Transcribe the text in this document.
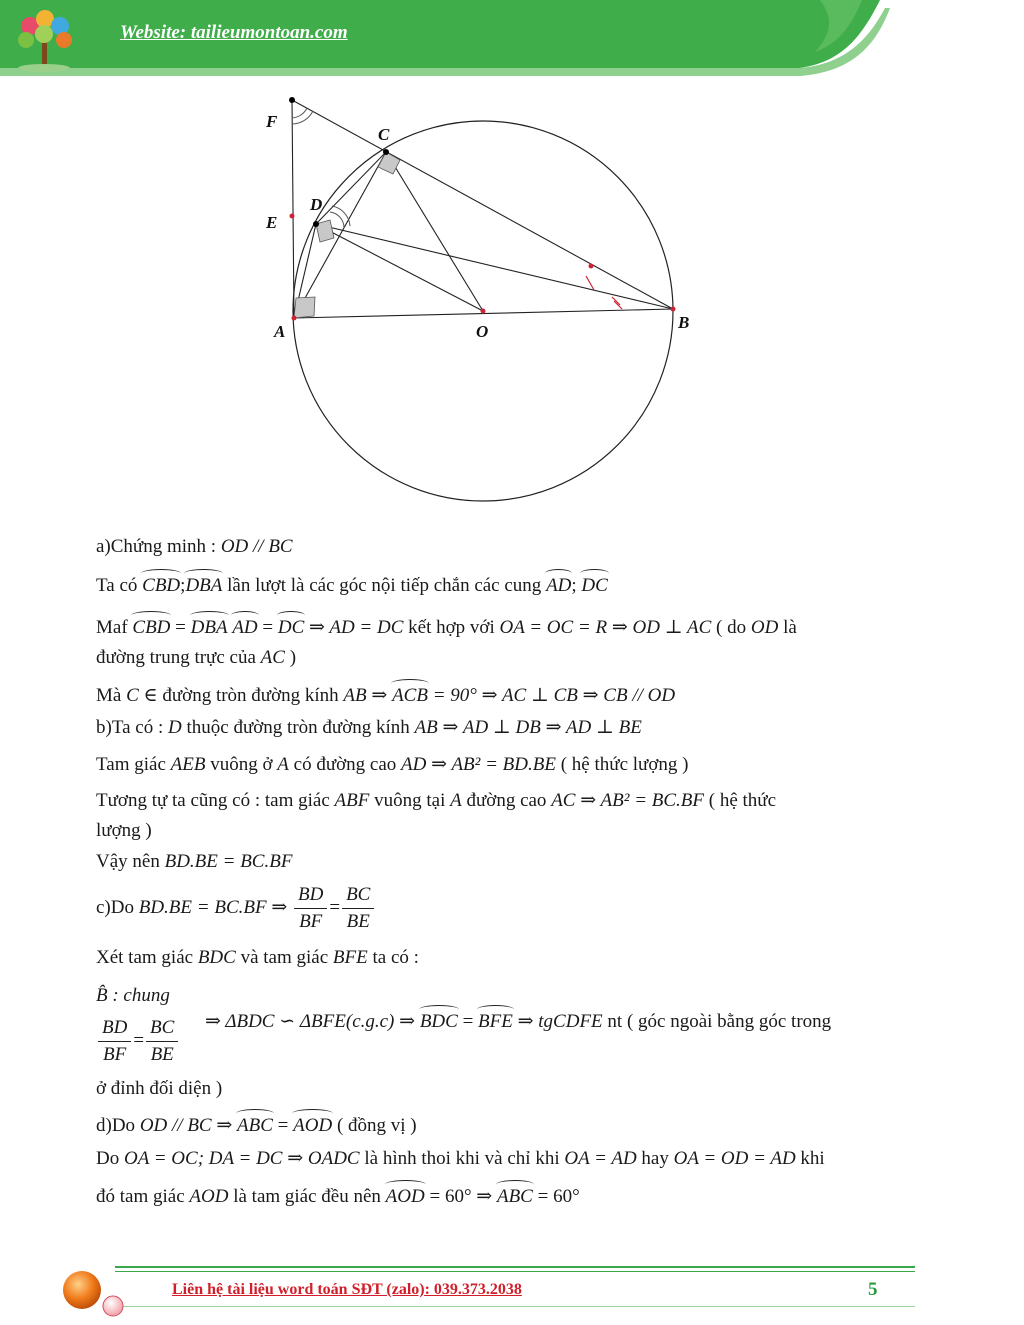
Website: tailieumontoan.com
F
C
D
E
A	O	B
a)Chứng minh : OD // BC
Ta có CBD;DBA lần lượt là các góc nội tiếp chắn các cung AD; DC
Maf CBD = DBA AD = DC ⇒ AD = DC kết hợp với OA = OC = R ⇒ OD ⊥ AC ( do OD là
đường trung trực của AC )
Mà C ∈ đường tròn đường kính AB ⇒ ACB = 90° ⇒ AC ⊥ CB ⇒ CB // OD
b)Ta có : D thuộc đường tròn đường kính AB ⇒ AD ⊥ DB ⇒ AD ⊥ BE
Tam giác AEB vuông ở A có đường cao AD ⇒ AB² = BD.BE ( hệ thức lượng )
Tương tự ta cũng có : tam giác ABF vuông tại A đường cao AC ⇒ AB² = BC.BF ( hệ thức
lượng )
Vậy nên BD.BE = BC.BF
c)Do BD.BE = BC.BF ⇒ $\frac{BD}{BF} = \frac{BC}{BE}$
Xét tam giác BDC và tam giác BFE ta có :
B̂ : chung
$\frac{BD}{BF} = \frac{BC}{BE}$ ⇒ ΔBDC ∽ ΔBFE(c.g.c) ⇒ BDC = BFE ⇒ tgCDFE nt ( góc ngoài bằng góc trong
ở đỉnh đối diện )
d)Do OD // BC ⇒ ABC = AOD ( đồng vị )
Do OA = OC; DA = DC ⇒ OADC là hình thoi khi và chỉ khi OA = AD hay OA = OD = AD khi
đó tam giác AOD là tam giác đều nên AOD = 60° ⇒ ABC = 60°
Liên hệ tài liệu word toán SĐT (zalo): 039.373.2038	5
